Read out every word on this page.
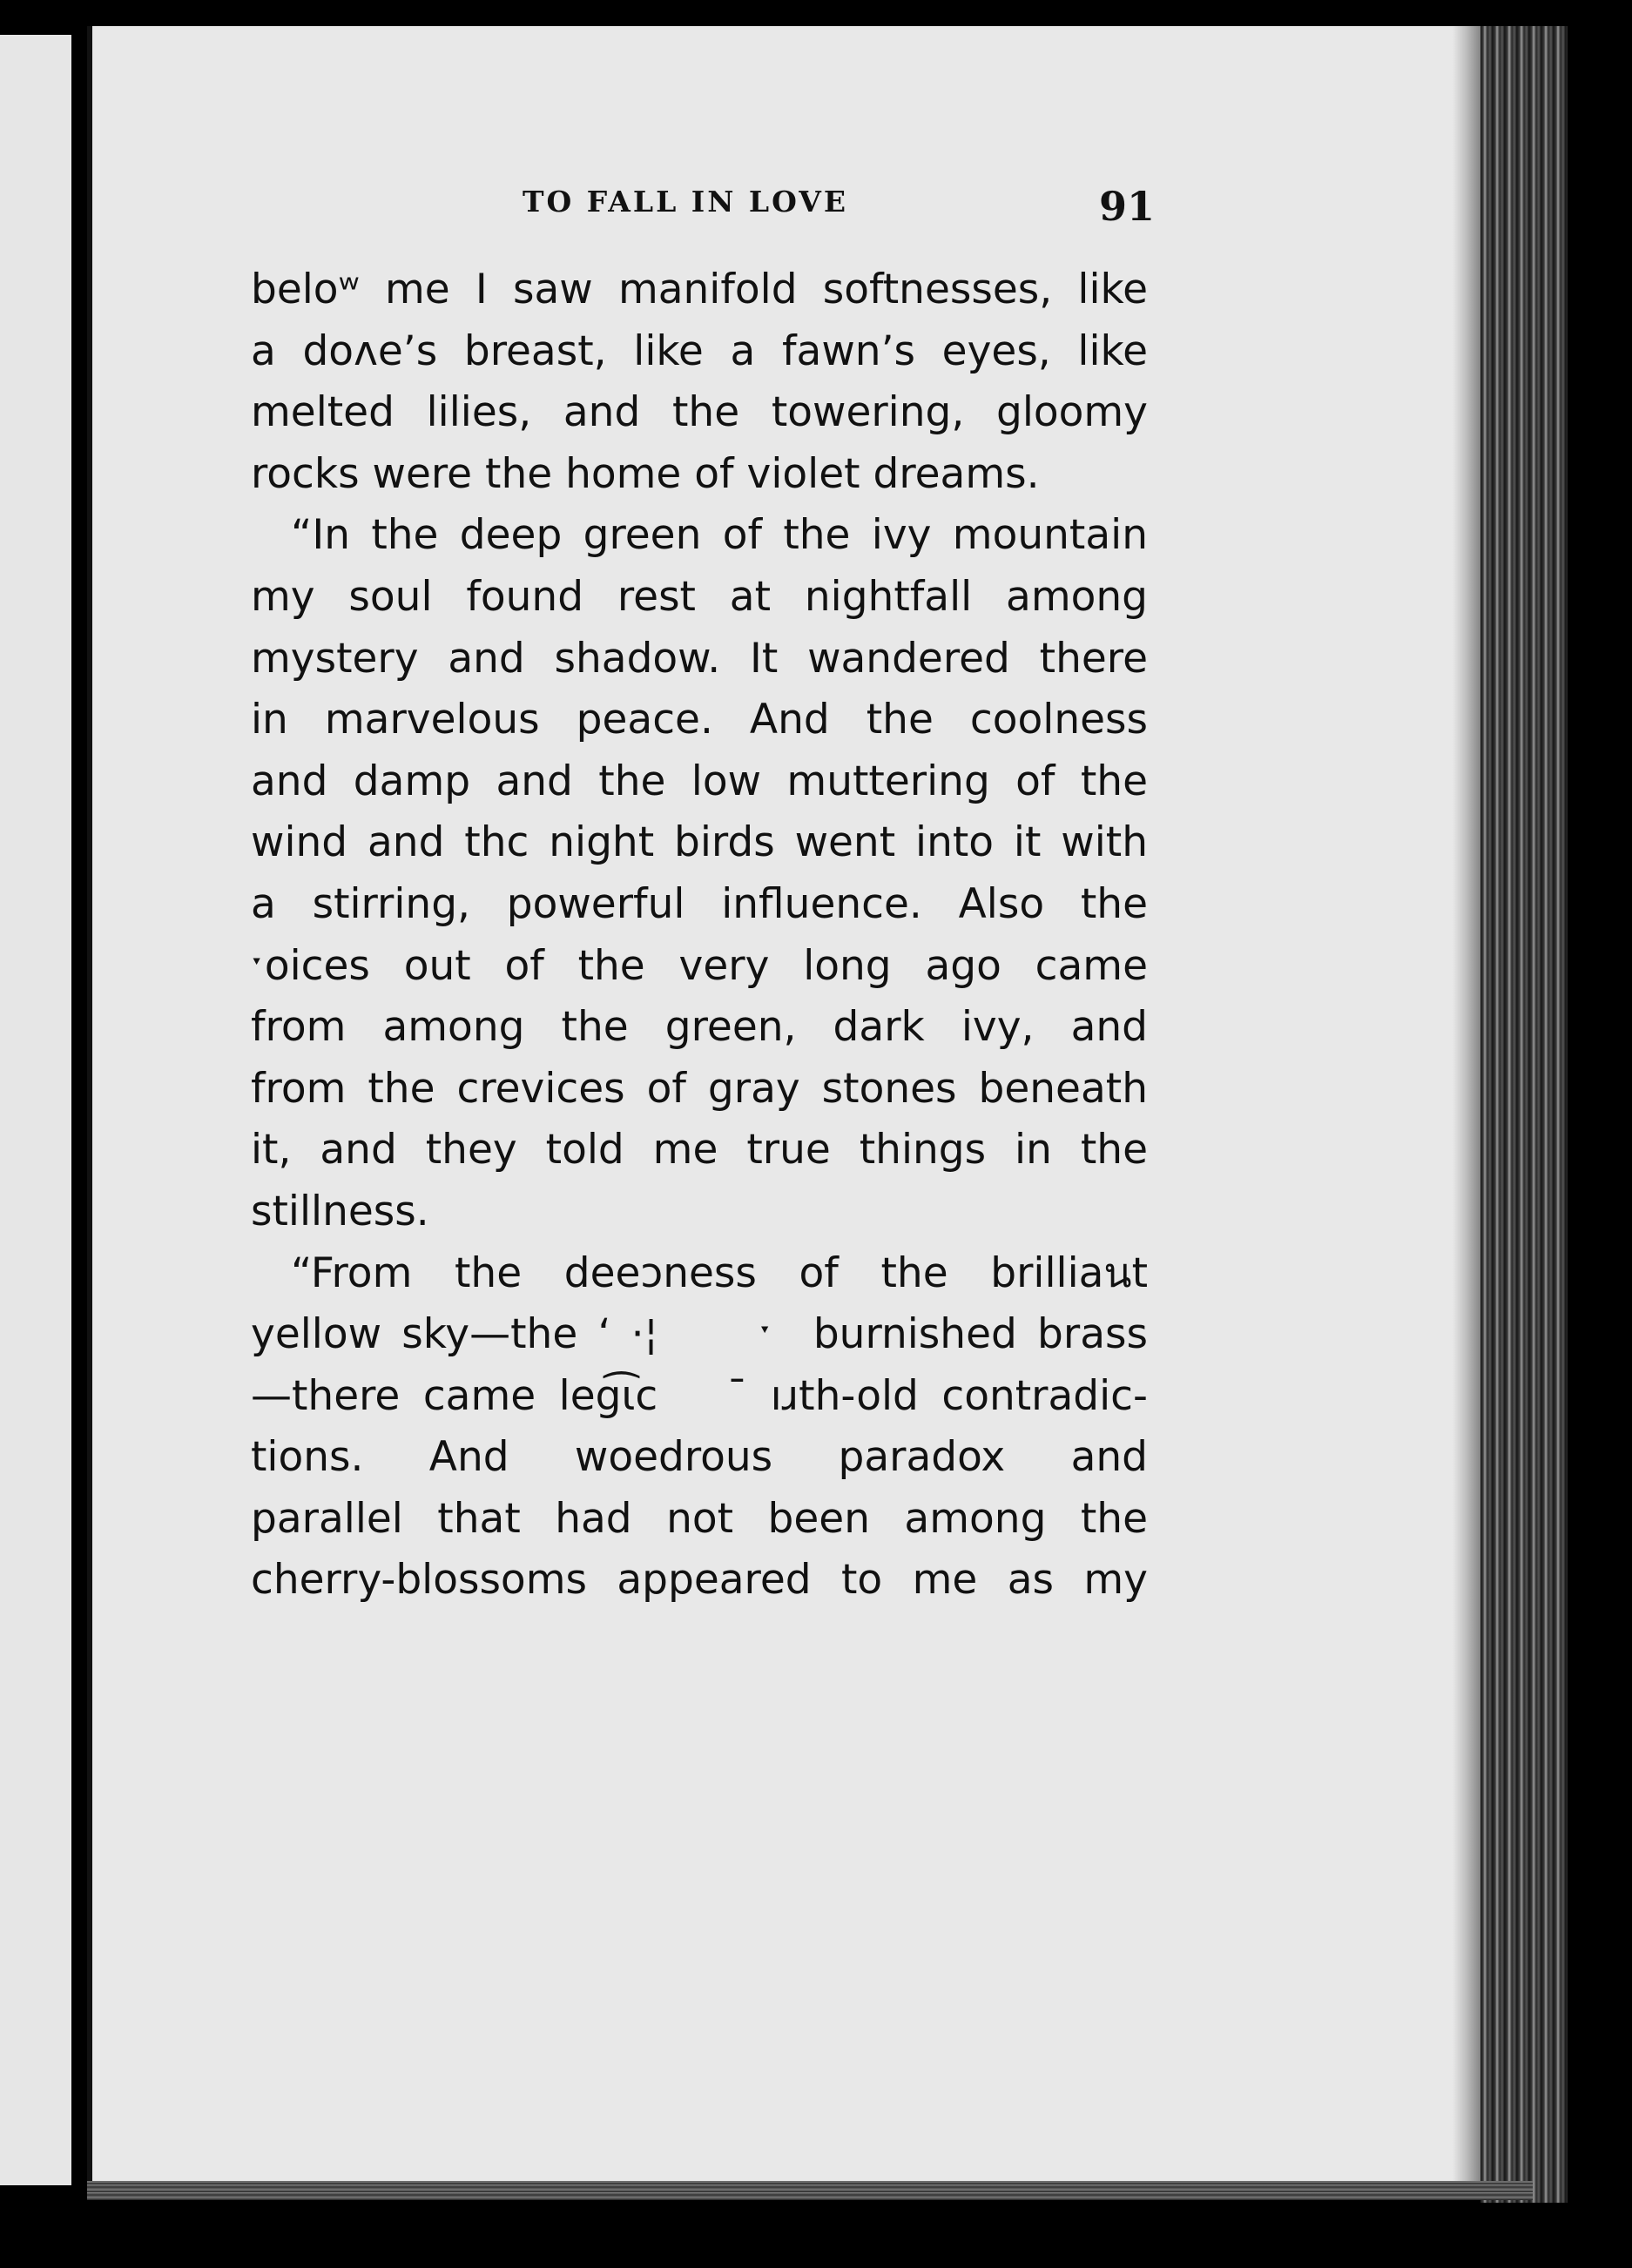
TO FALL IN LOVE	91
beloʷ me I saw manifold softnesses, like
a doʌe’s breast, like a fawn’s eyes, like
melted lilies, and the towering, gloomy
rocks were the home of violet dreams.
“In the deep green of the ivy mountain
my soul found rest at nightfall among
mystery and shadow. It wandered there
in marvelous peace. And the coolness
and damp and the low muttering of the
wind and thс night birds went into it with
a stirring, powerful influence. Also the
ˑoices out of the very long ago came
from among the green, dark ivy, and
from the crevices of gray stones beneath
it, and they told me true things in the
stillness.
“From the deeɔness of the brilliaนt
yellow sky—the ʻ ·¦     ˑ  burnished brass
—there came leg͡ιс   ˉ ıɹth-old contradic-
tions. And woеdrous paradox and
parallel that had not been among the
cherry-blossoms appeared to me as my
